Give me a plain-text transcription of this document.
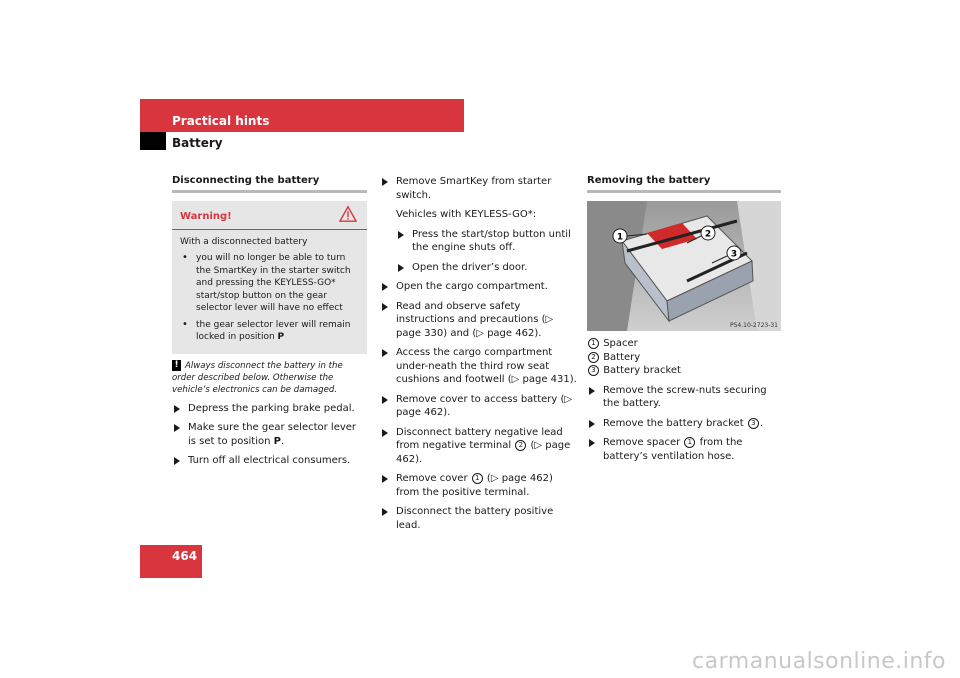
Practical hints
Battery
Disconnecting the battery
Warning!
With a disconnected battery
• you will no longer be able to turn the SmartKey in the starter switch and pressing the KEYLESS-GO* start/stop button on the gear selector lever will have no effect
• the gear selector lever will remain locked in position P
! Always disconnect the battery in the order described below. Otherwise the vehicle’s electronics can be damaged.
Depress the parking brake pedal.
Make sure the gear selector lever is set to position P.
Turn off all electrical consumers.
Remove SmartKey from starter switch.
Vehicles with KEYLESS-GO*:
Press the start/stop button until the engine shuts off.
Open the driver’s door.
Open the cargo compartment.
Read and observe safety instructions and precautions (▷ page 330) and (▷ page 462).
Access the cargo compartment under-neath the third row seat cushions and footwell (▷ page 431).
Remove cover to access battery (▷ page 462).
Disconnect battery negative lead from negative terminal 2 (▷ page 462).
Remove cover 1 (▷ page 462) from the positive terminal.
Disconnect the battery positive lead.
Removing the battery
1	2
3
P54.10-2723-31
1 Spacer
2 Battery
3 Battery bracket
Remove the screw-nuts securing the battery.
Remove the battery bracket 3 .
Remove spacer 1 from the battery’s ventilation hose.
464
carmanualsonline.info
